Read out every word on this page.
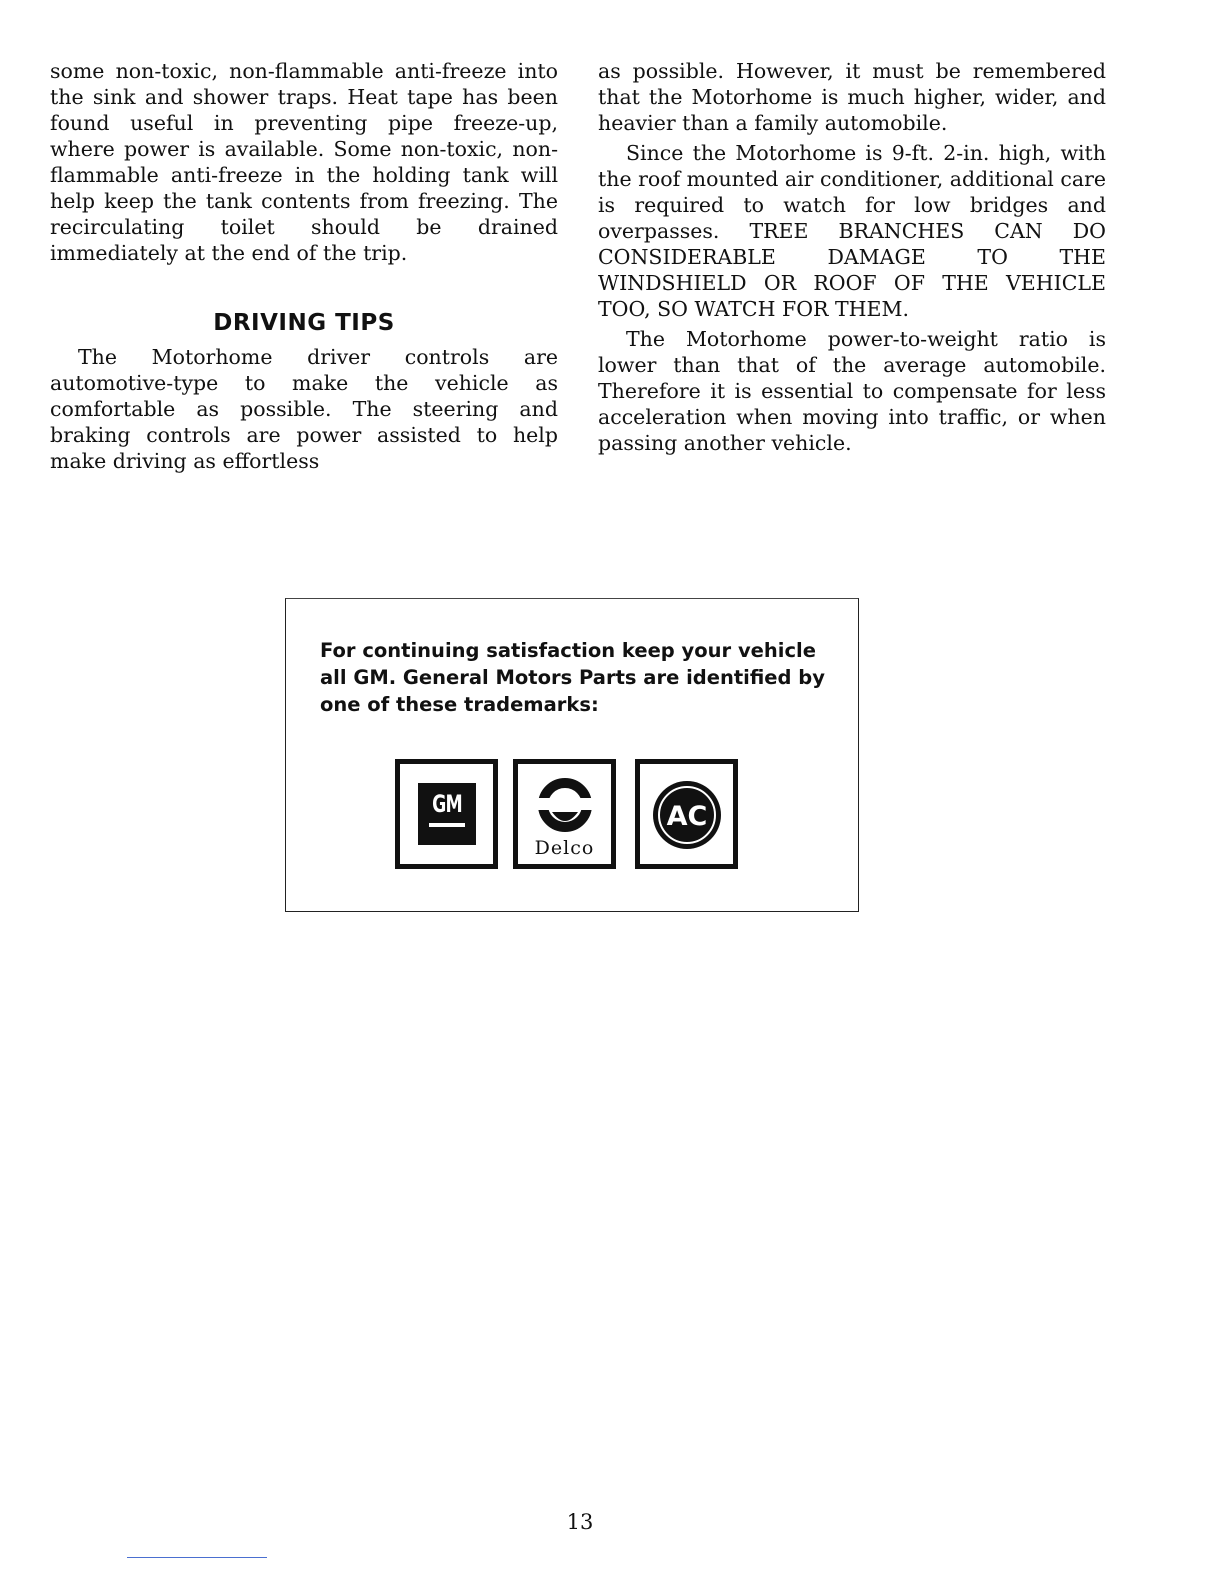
some non-toxic, non-flammable anti-freeze into the sink and shower traps. Heat tape has been found useful in preventing pipe freeze-up, where power is available. Some non-toxic, non-flammable anti-freeze in the holding tank will help keep the tank contents from freezing. The recirculating toilet should be drained immediately at the end of the trip.

DRIVING TIPS

The Motorhome driver controls are automotive-type to make the vehicle as comfortable as possible. The steering and braking controls are power assisted to help make driving as effortless

as possible. However, it must be remembered that the Motorhome is much higher, wider, and heavier than a family automobile.

Since the Motorhome is 9-ft. 2-in. high, with the roof mounted air conditioner, additional care is required to watch for low bridges and overpasses. TREE BRANCHES CAN DO CONSIDERABLE DAMAGE TO THE WINDSHIELD OR ROOF OF THE VEHICLE TOO, SO WATCH FOR THEM.

The Motorhome power-to-weight ratio is lower than that of the average automobile. Therefore it is essential to compensate for less acceleration when moving into traffic, or when passing another vehicle.

For continuing satisfaction keep your vehicle all GM. General Motors Parts are identified by one of these trademarks:
GM
Delco
AC
13
